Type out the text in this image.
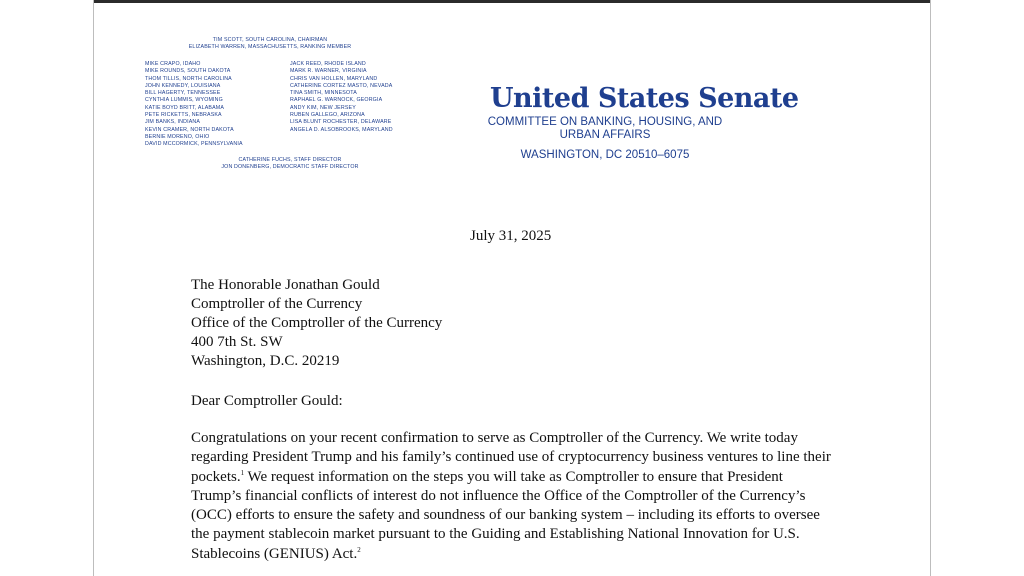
TIM SCOTT, SOUTH CAROLINA, CHAIRMAN
ELIZABETH WARREN, MASSACHUSETTS, RANKING MEMBER
MIKE CRAPO, IDAHO
MIKE ROUNDS, SOUTH DAKOTA
THOM TILLIS, NORTH CAROLINA
JOHN KENNEDY, LOUISIANA
BILL HAGERTY, TENNESSEE
CYNTHIA LUMMIS, WYOMING
KATIE BOYD BRITT, ALABAMA
PETE RICKETTS, NEBRASKA
JIM BANKS, INDIANA
KEVIN CRAMER, NORTH DAKOTA
BERNIE MORENO, OHIO
DAVID MCCORMICK, PENNSYLVANIA
JACK REED, RHODE ISLAND
MARK R. WARNER, VIRGINIA
CHRIS VAN HOLLEN, MARYLAND
CATHERINE CORTEZ MASTO, NEVADA
TINA SMITH, MINNESOTA
RAPHAEL G. WARNOCK, GEORGIA
ANDY KIM, NEW JERSEY
RUBEN GALLEGO, ARIZONA
LISA BLUNT ROCHESTER, DELAWARE
ANGELA D. ALSOBROOKS, MARYLAND
CATHERINE FUCHS, STAFF DIRECTOR
JON DONENBERG, DEMOCRATIC STAFF DIRECTOR
United States Senate
COMMITTEE ON BANKING, HOUSING, AND
URBAN AFFAIRS
WASHINGTON, DC 20510–6075
July 31, 2025
The Honorable Jonathan Gould
Comptroller of the Currency
Office of the Comptroller of the Currency
400 7th St. SW
Washington, D.C. 20219
Dear Comptroller Gould:
Congratulations on your recent confirmation to serve as Comptroller of the Currency. We write today regarding President Trump and his family’s continued use of cryptocurrency business ventures to line their pockets.$^1$ We request information on the steps you will take as Comptroller to ensure that President Trump’s financial conflicts of interest do not influence the Office of the Comptroller of the Currency’s (OCC) efforts to ensure the safety and soundness of our banking system – including its efforts to oversee the payment stablecoin market pursuant to the Guiding and Establishing National Innovation for U.S. Stablecoins (GENIUS) Act.$^2$
